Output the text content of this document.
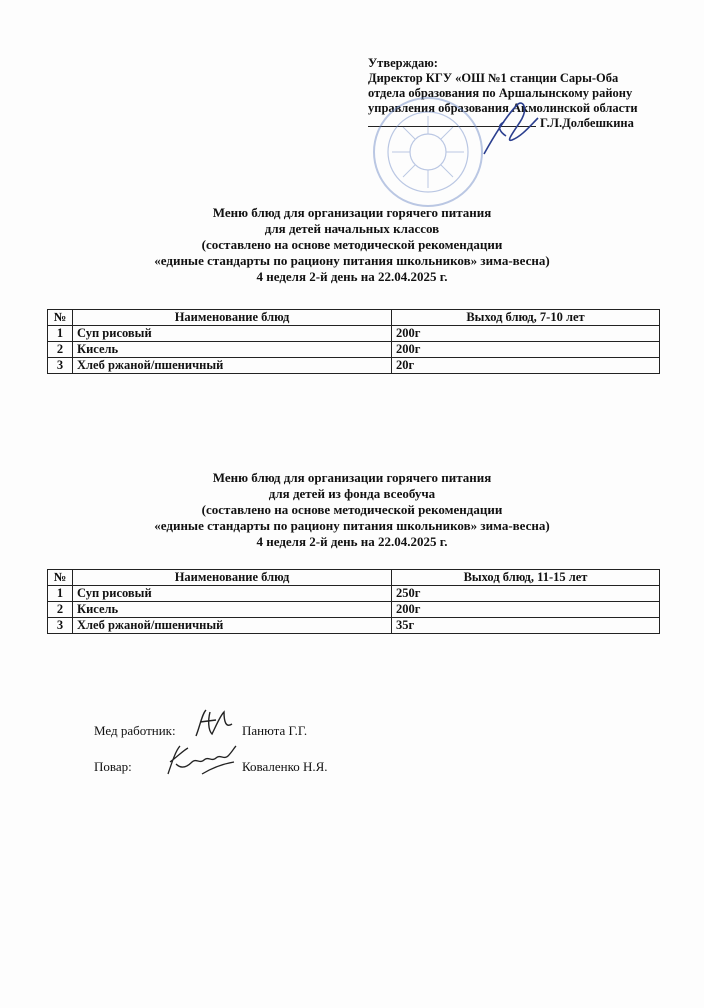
Утверждаю:
Директор КГУ «ОШ №1 станции Сары-Оба
отдела образования по Аршалынскому району
управления образования Акмолинской области
Г.Л.Долбешкина
Меню блюд для организации горячего питания
для детей начальных классов
(составлено на основе методической рекомендации
«единые стандарты по рациону питания школьников» зима-весна)
4 неделя 2-й день на 22.04.2025 г.
№	Наименование блюд	Выход блюд, 7-10 лет
1	Суп рисовый	200г
2	Кисель	200г
3	Хлеб ржаной/пшеничный	20г
Меню блюд для организации горячего питания
для детей из фонда всеобуча
(составлено на основе методической рекомендации
«единые стандарты по рациону питания школьников» зима-весна)
4 неделя 2-й день на 22.04.2025 г.
№	Наименование блюд	Выход блюд, 11-15 лет
1	Суп рисовый	250г
2	Кисель	200г
3	Хлеб ржаной/пшеничный	35г
Мед работник:	Панюта Г.Г.
Повар:	Коваленко Н.Я.
